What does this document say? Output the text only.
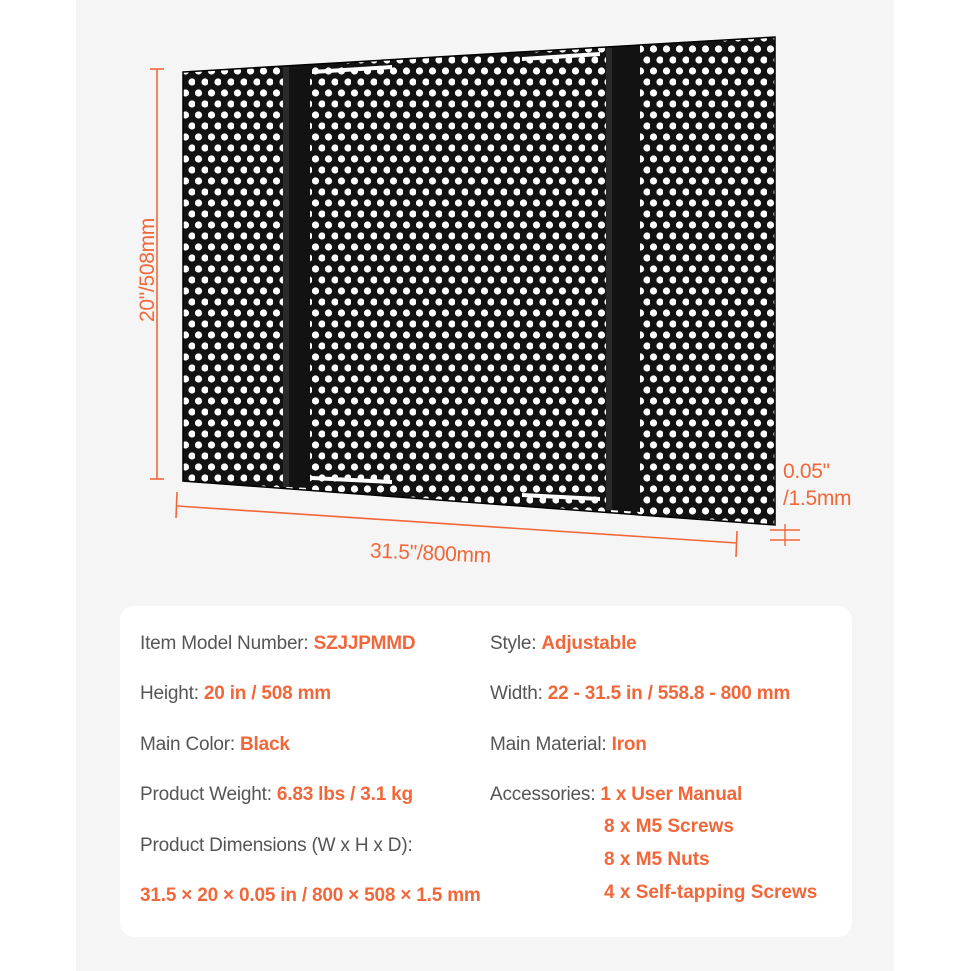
20"/508mm
31.5"/800mm
0.05"
/1.5mm
Item Model Number: SZJJPMMD	Style: Adjustable
Height: 20 in / 508 mm	Width: 22 - 31.5 in / 558.8 - 800 mm
Main Color: Black	Main Material: Iron
Product Weight: 6.83 lbs / 3.1 kg	Accessories: 1 x User Manual
8 x M5 Screws
8 x M5 Nuts
4 x Self-tapping Screws
Product Dimensions (W x H x D):
31.5 × 20 × 0.05 in / 800 × 508 × 1.5 mm
